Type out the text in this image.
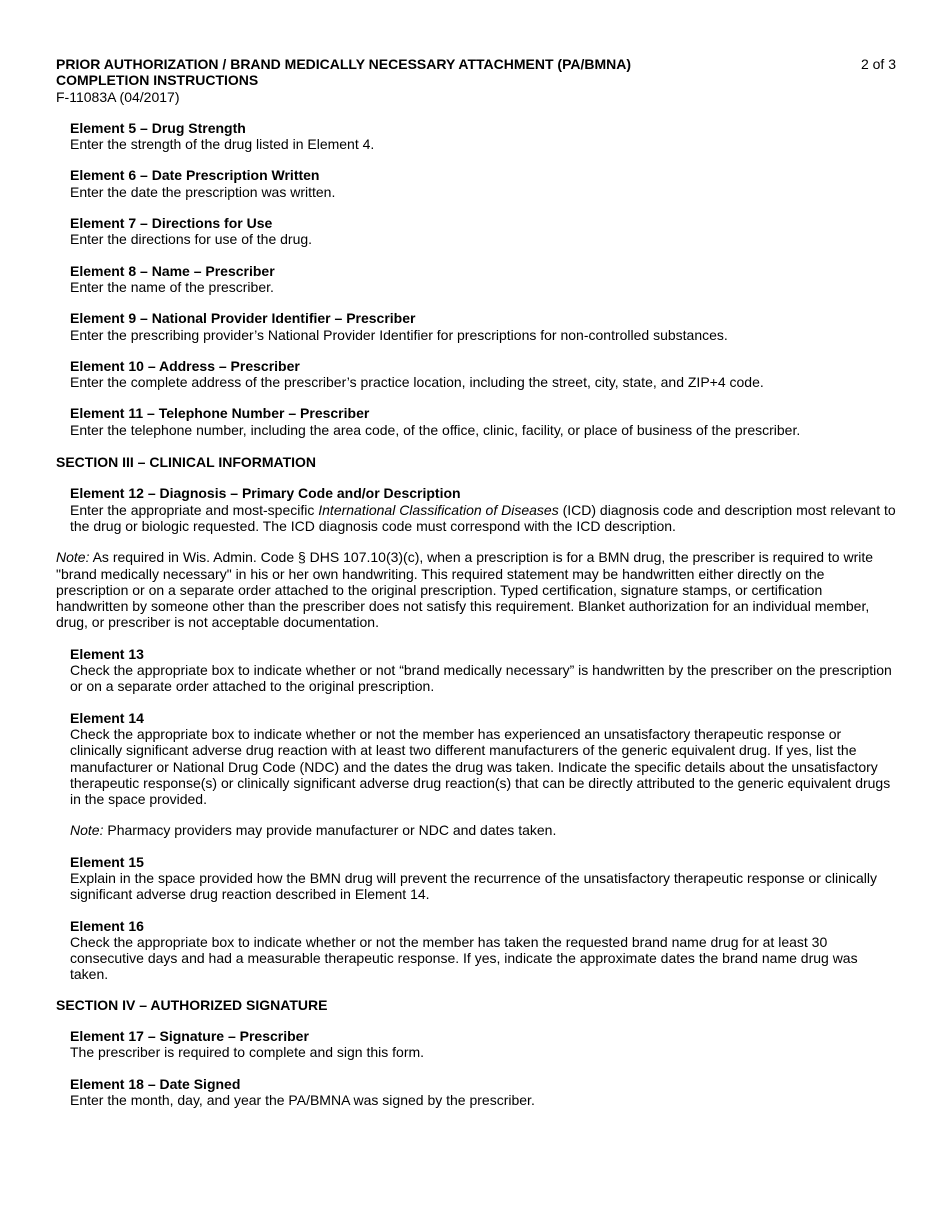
PRIOR AUTHORIZATION / BRAND MEDICALLY NECESSARY ATTACHMENT (PA/BMNA)	2 of 3
COMPLETION INSTRUCTIONS
F-11083A (04/2017)
Element 5 – Drug Strength
Enter the strength of the drug listed in Element 4.
Element 6 – Date Prescription Written
Enter the date the prescription was written.
Element 7 – Directions for Use
Enter the directions for use of the drug.
Element 8 – Name – Prescriber
Enter the name of the prescriber.
Element 9 – National Provider Identifier – Prescriber
Enter the prescribing provider’s National Provider Identifier for prescriptions for non-controlled substances.
Element 10 – Address – Prescriber
Enter the complete address of the prescriber’s practice location, including the street, city, state, and ZIP+4 code.
Element 11 – Telephone Number – Prescriber
Enter the telephone number, including the area code, of the office, clinic, facility, or place of business of the prescriber.
SECTION III – CLINICAL INFORMATION
Element 12 – Diagnosis – Primary Code and/or Description

Enter the appropriate and most-specific International Classification of Diseases (ICD) diagnosis code and description most relevant to the drug or biologic requested. The ICD diagnosis code must correspond with the ICD description.

Note: As required in Wis. Admin. Code § DHS 107.10(3)(c), when a prescription is for a BMN drug, the prescriber is required to write "brand medically necessary" in his or her own handwriting. This required statement may be handwritten either directly on the prescription or on a separate order attached to the original prescription. Typed certification, signature stamps, or certification handwritten by someone other than the prescriber does not satisfy this requirement. Blanket authorization for an individual member, drug, or prescriber is not acceptable documentation.

Element 13
Check the appropriate box to indicate whether or not “brand medically necessary” is handwritten by the prescriber on the prescription or on a separate order attached to the original prescription.
Element 14
Check the appropriate box to indicate whether or not the member has experienced an unsatisfactory therapeutic response or clinically significant adverse drug reaction with at least two different manufacturers of the generic equivalent drug. If yes, list the manufacturer or National Drug Code (NDC) and the dates the drug was taken. Indicate the specific details about the unsatisfactory therapeutic response(s) or clinically significant adverse drug reaction(s) that can be directly attributed to the generic equivalent drugs in the space provided.

Note: Pharmacy providers may provide manufacturer or NDC and dates taken.

Element 15
Explain in the space provided how the BMN drug will prevent the recurrence of the unsatisfactory therapeutic response or clinically significant adverse drug reaction described in Element 14.
Element 16
Check the appropriate box to indicate whether or not the member has taken the requested brand name drug for at least 30 consecutive days and had a measurable therapeutic response. If yes, indicate the approximate dates the brand name drug was taken.
SECTION IV – AUTHORIZED SIGNATURE
Element 17 – Signature – Prescriber
The prescriber is required to complete and sign this form.
Element 18 – Date Signed
Enter the month, day, and year the PA/BMNA was signed by the prescriber.
